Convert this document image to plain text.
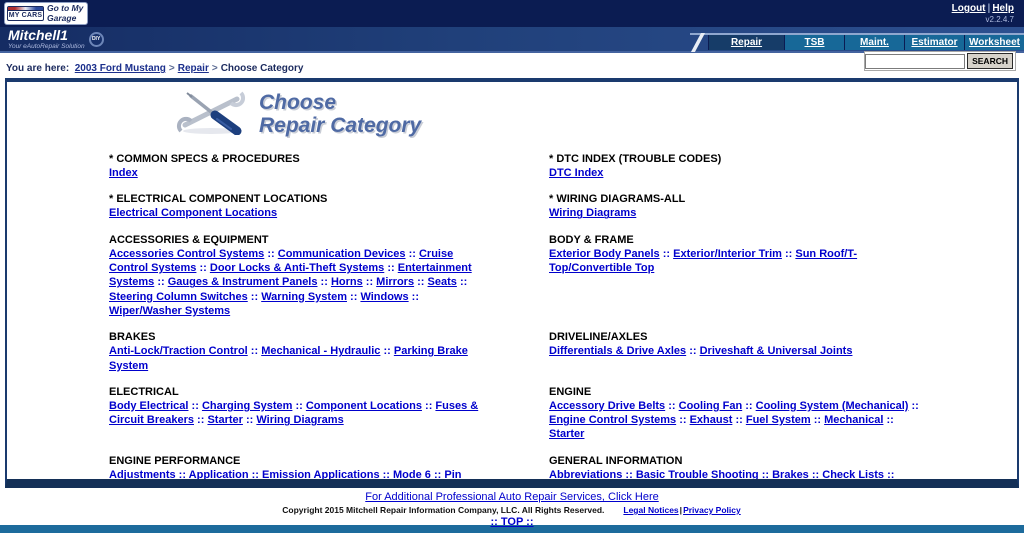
MY CARS
Go to My
Garage
Logout | Help
v2.2.4.7
Mitchell1
Your eAutoRepair Solution
DIY	Repair	TSB	Maint. Estimator Worksheet
You are here: 2003 Ford Mustang > Repair > Choose Category
SEARCH
Choose
Repair Category
* COMMON SPECS & PROCEDURES
Index
* DTC INDEX (TROUBLE CODES)
DTC Index
* ELECTRICAL COMPONENT LOCATIONS
Electrical Component Locations
* WIRING DIAGRAMS-ALL
Wiring Diagrams
ACCESSORIES & EQUIPMENT
Accessories Control Systems :: Communication Devices :: Cruise Control Systems :: Door Locks & Anti-Theft Systems :: Entertainment Systems :: Gauges & Instrument Panels :: Horns :: Mirrors :: Seats :: Steering Column Switches :: Warning System :: Windows :: Wiper/Washer Systems
BODY & FRAME
Exterior Body Panels :: Exterior/Interior Trim :: Sun Roof/T-Top/Convertible Top
BRAKES
Anti-Lock/Traction Control :: Mechanical - Hydraulic :: Parking Brake System
DRIVELINE/AXLES
Differentials & Drive Axles :: Driveshaft & Universal Joints
ELECTRICAL
Body Electrical :: Charging System :: Component Locations :: Fuses & Circuit Breakers :: Starter :: Wiring Diagrams
ENGINE
Accessory Drive Belts :: Cooling Fan :: Cooling System (Mechanical) :: Engine Control Systems :: Exhaust :: Fuel System :: Mechanical :: Starter
ENGINE PERFORMANCE
Adjustments :: Application :: Emission Applications :: Mode 6 :: Pin
GENERAL INFORMATION
Abbreviations :: Basic Trouble Shooting :: Brakes :: Check Lists ::
For Additional Professional Auto Repair Services, Click Here
Copyright 2015 Mitchell Repair Information Company, LLC. All Rights Reserved. Legal Notices|Privacy Policy
:: TOP ::
